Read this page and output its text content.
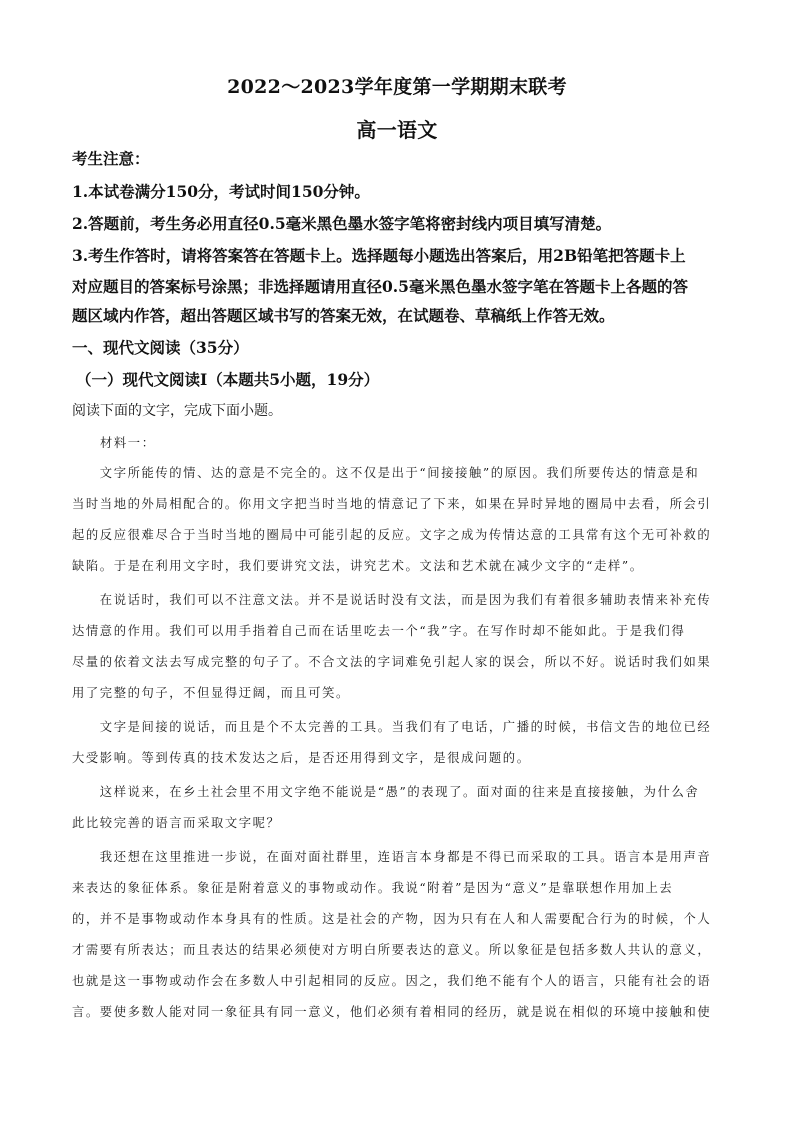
2022～2023学年度第一学期期末联考
高一语文
考生注意：
1.本试卷满分150分，考试时间150分钟。
2.答题前，考生务必用直径0.5毫米黑色墨水签字笔将密封线内项目填写清楚。
3.考生作答时，请将答案答在答题卡上。选择题每小题选出答案后，用2B铅笔把答题卡上
对应题目的答案标号涂黑；非选择题请用直径0.5毫米黑色墨水签字笔在答题卡上各题的答
题区域内作答，超出答题区域书写的答案无效，在试题卷、草稿纸上作答无效。
一、现代文阅读（35分）
（一）现代文阅读Ⅰ（本题共5小题，19分）
阅读下面的文字，完成下面小题。
材料一：
　　文字所能传的情、达的意是不完全的。这不仅是出于“间接接触”的原因。我们所要传达的情意是和
当时当地的外局相配合的。你用文字把当时当地的情意记了下来，如果在异时异地的圈局中去看，所会引
起的反应很难尽合于当时当地的圈局中可能引起的反应。文字之成为传情达意的工具常有这个无可补救的
缺陷。于是在利用文字时，我们要讲究文法，讲究艺术。文法和艺术就在减少文字的“走样”。
　　在说话时，我们可以不注意文法。并不是说话时没有文法，而是因为我们有着很多辅助表情来补充传
达情意的作用。我们可以用手指着自己而在话里吃去一个“我”字。在写作时却不能如此。于是我们得
尽量的依着文法去写成完整的句子了。不合文法的字词难免引起人家的误会，所以不好。说话时我们如果
用了完整的句子，不但显得迂阔，而且可笑。
　　文字是间接的说话，而且是个不太完善的工具。当我们有了电话，广播的时候，书信文告的地位已经
大受影响。等到传真的技术发达之后，是否还用得到文字，是很成问题的。
　　这样说来，在乡土社会里不用文字绝不能说是“愚”的表现了。面对面的往来是直接接触，为什么舍
此比较完善的语言而采取文字呢？
　　我还想在这里推进一步说，在面对面社群里，连语言本身都是不得已而采取的工具。语言本是用声音
来表达的象征体系。象征是附着意义的事物或动作。我说“附着”是因为“意义”是靠联想作用加上去
的，并不是事物或动作本身具有的性质。这是社会的产物，因为只有在人和人需要配合行为的时候，个人
才需要有所表达；而且表达的结果必须使对方明白所要表达的意义。所以象征是包括多数人共认的意义，
也就是这一事物或动作会在多数人中引起相同的反应。因之，我们绝不能有个人的语言，只能有社会的语
言。要使多数人能对同一象征具有同一意义，他们必须有着相同的经历，就是说在相似的环境中接触和使
